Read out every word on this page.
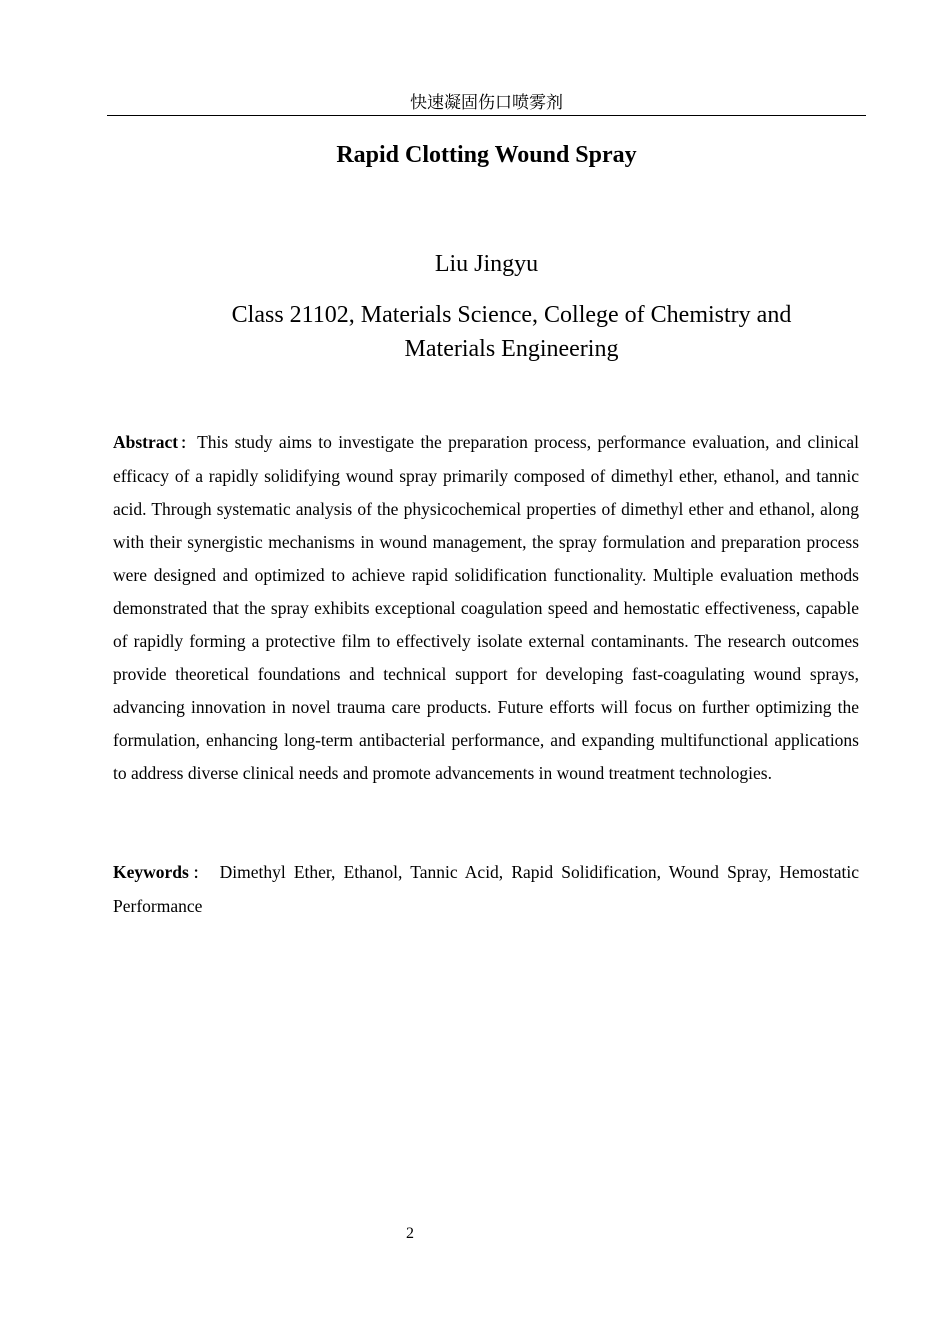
快速凝固伤口喷雾剂
Rapid Clotting Wound Spray
Liu Jingyu
Class 21102, Materials Science, College of Chemistry and Materials Engineering

Abstract：This study aims to investigate the preparation process, performance evaluation, and clinical efficacy of a rapidly solidifying wound spray primarily composed of dimethyl ether, ethanol, and tannic acid. Through systematic analysis of the physicochemical properties of dimethyl ether and ethanol, along with their synergistic mechanisms in wound management, the spray formulation and preparation process were designed and optimized to achieve rapid solidification functionality. Multiple evaluation methods demonstrated that the spray exhibits exceptional coagulation speed and hemostatic effectiveness, capable of rapidly forming a protective film to effectively isolate external contaminants. The research outcomes provide theoretical foundations and technical support for developing fast-coagulating wound sprays, advancing innovation in novel trauma care products. Future efforts will focus on further optimizing the formulation, enhancing long-term antibacterial performance, and expanding multifunctional applications to address diverse clinical needs and promote advancements in wound treatment technologies.

Keywords： Dimethyl Ether, Ethanol, Tannic Acid, Rapid Solidification, Wound Spray, Hemostatic Performance

2
